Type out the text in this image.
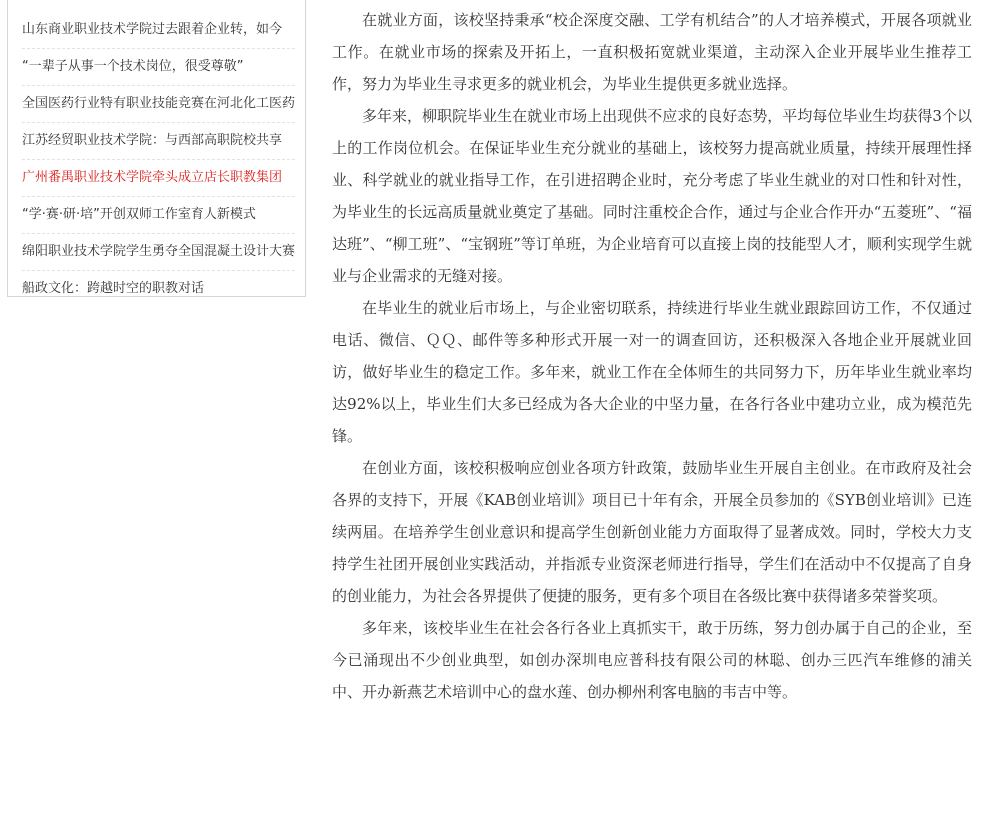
山东商业职业技术学院过去跟着企业转，如今
“一辈子从事一个技术岗位，很受尊敬”
全国医药行业特有职业技能竞赛在河北化工医药
江苏经贸职业技术学院：与西部高职院校共享
广州番禺职业技术学院牵头成立店长职教集团
“学·赛·研·培”开创双师工作室育人新模式
绵阳职业技术学院学生勇夺全国混凝土设计大赛
船政文化：跨越时空的职教对话

在就业方面，该校坚持秉承“校企深度交融、工学有机结合”的人才培养模式，开展各项就业工作。在就业市场的探索及开拓上，一直积极拓宽就业渠道，主动深入企业开展毕业生推荐工作，努力为毕业生寻求更多的就业机会，为毕业生提供更多就业选择。

多年来，柳职院毕业生在就业市场上出现供不应求的良好态势，平均每位毕业生均获得3个以上的工作岗位机会。在保证毕业生充分就业的基础上，该校努力提高就业质量，持续开展理性择业、科学就业的就业指导工作，在引进招聘企业时，充分考虑了毕业生就业的对口性和针对性，为毕业生的长远高质量就业奠定了基础。同时注重校企合作，通过与企业合作开办“五菱班”、“福达班”、“柳工班”、“宝钢班”等订单班，为企业培育可以直接上岗的技能型人才，顺利实现学生就业与企业需求的无缝对接。

在毕业生的就业后市场上，与企业密切联系，持续进行毕业生就业跟踪回访工作，不仅通过电话、微信、ＱＱ、邮件等多种形式开展一对一的调查回访，还积极深入各地企业开展就业回访，做好毕业生的稳定工作。多年来，就业工作在全体师生的共同努力下，历年毕业生就业率均达92%以上，毕业生们大多已经成为各大企业的中坚力量，在各行各业中建功立业，成为模范先锋。

在创业方面，该校积极响应创业各项方针政策，鼓励毕业生开展自主创业。在市政府及社会各界的支持下，开展《KAB创业培训》项目已十年有余，开展全员参加的《SYB创业培训》已连续两届。在培养学生创业意识和提高学生创新创业能力方面取得了显著成效。同时，学校大力支持学生社团开展创业实践活动，并指派专业资深老师进行指导，学生们在活动中不仅提高了自身的创业能力，为社会各界提供了便捷的服务，更有多个项目在各级比赛中获得诸多荣誉奖项。

多年来，该校毕业生在社会各行各业上真抓实干，敢于历练，努力创办属于自己的企业，至今已涌现出不少创业典型，如创办深圳电应普科技有限公司的林聪、创办三匹汽车维修的浦关中、开办新燕艺术培训中心的盘水莲、创办柳州利客电脑的韦吉中等。
